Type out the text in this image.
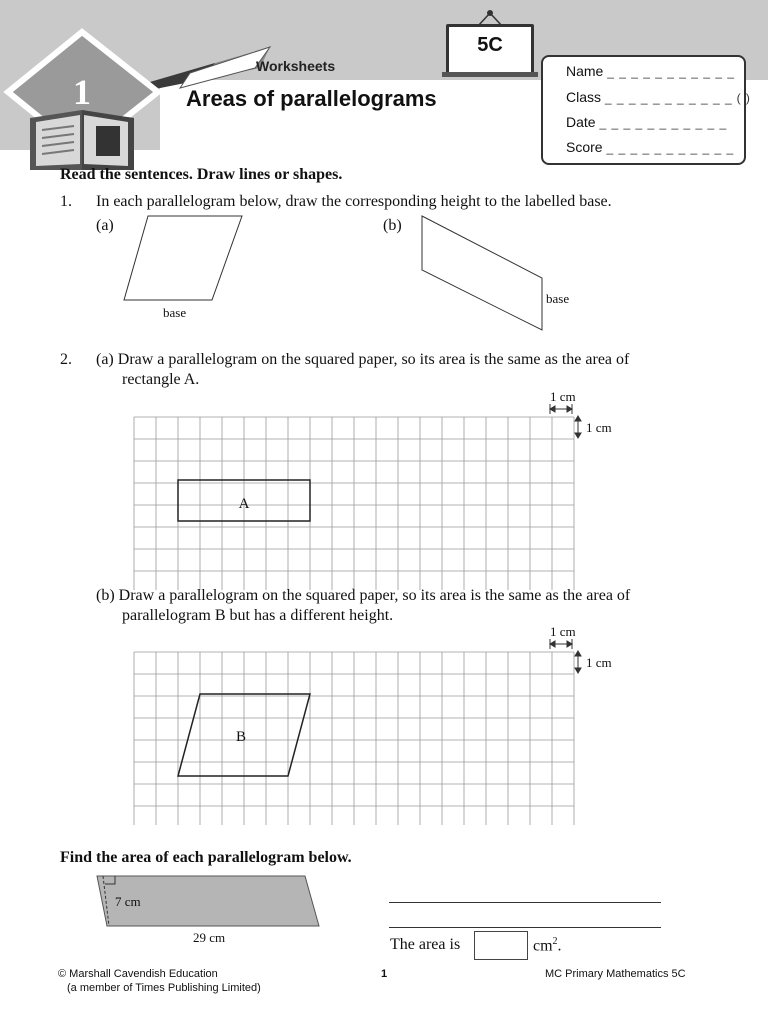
1
Worksheets
Areas of parallelograms
5C
Name _ _ _ _ _ _ _ _ _ _ _
Class _ _ _ _ _ _ _ _ _ _ _ ( )
Date _ _ _ _ _ _ _ _ _ _ _
Score _ _ _ _ _ _ _ _ _ _ _
Read the sentences. Draw lines or shapes.
1. In each parallelogram below, draw the corresponding height to the labelled base.
(a)	(b)
base
base
2. (a) Draw a parallelogram on the squared paper, so its area is the same as the area of
rectangle A.
1 cm
1 cm
A
(b) Draw a parallelogram on the squared paper, so its area is the same as the area of
parallelogram B but has a different height.
1 cm
1 cm
B
Find the area of each parallelogram below.
7 cm
29 cm	The area is	$cm^2$.
© Marshall Cavendish Education
(a member of Times Publishing Limited)
1	MC Primary Mathematics 5C
